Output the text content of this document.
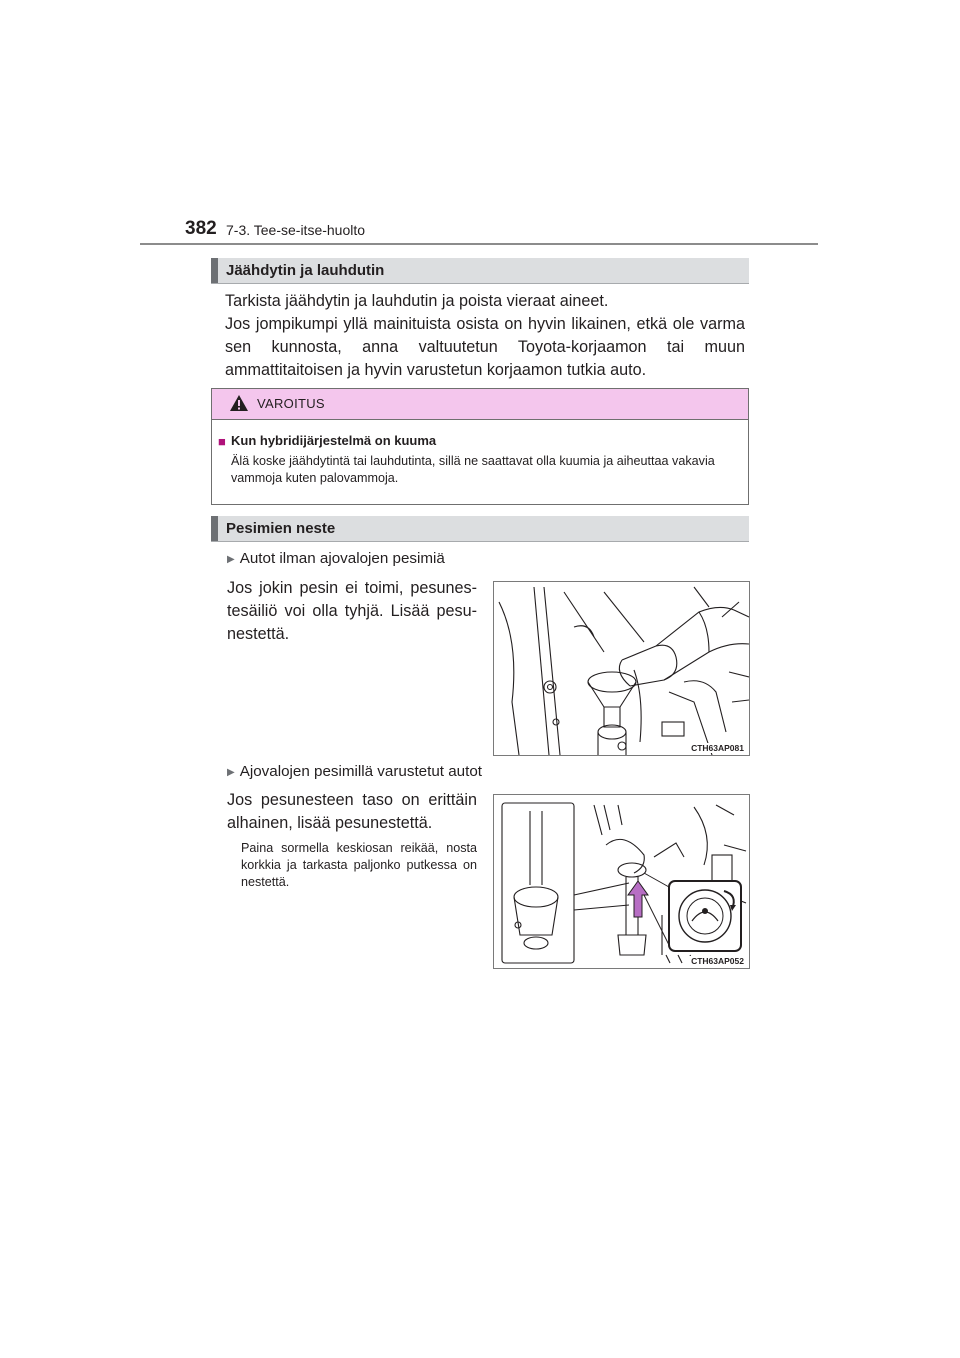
382 7-3. Tee-se-itse-huolto
Jäähdytin ja lauhdutin

Tarkista jäähdytin ja lauhdutin ja poista vieraat aineet.

Jos jompikumpi yllä mainituista osista on hyvin likainen, etkä ole varma sen kunnosta, anna valtuutetun Toyota-korjaamon tai muun ammattitaitoisen ja hyvin varustetun korjaamon tutkia auto.

VAROITUS
■ Kun hybridijärjestelmä on kuuma
Älä koske jäähdytintä tai lauhdutinta, sillä ne saattavat olla kuumia ja aiheuttaa vakavia vammoja kuten palovammoja.
Pesimien neste
▶ Autot ilman ajovalojen pesimiä
Jos jokin pesin ei toimi, pesunes-tesäiliö voi olla tyhjä. Lisää pesu-nestettä.
CTH63AP081
▶ Ajovalojen pesimillä varustetut autot
Jos pesunesteen taso on erittäin alhainen, lisää pesunestettä.
Paina sormella keskiosan reikää, nosta korkkia ja tarkasta paljonko putkessa on nestettä.
CTH63AP052
